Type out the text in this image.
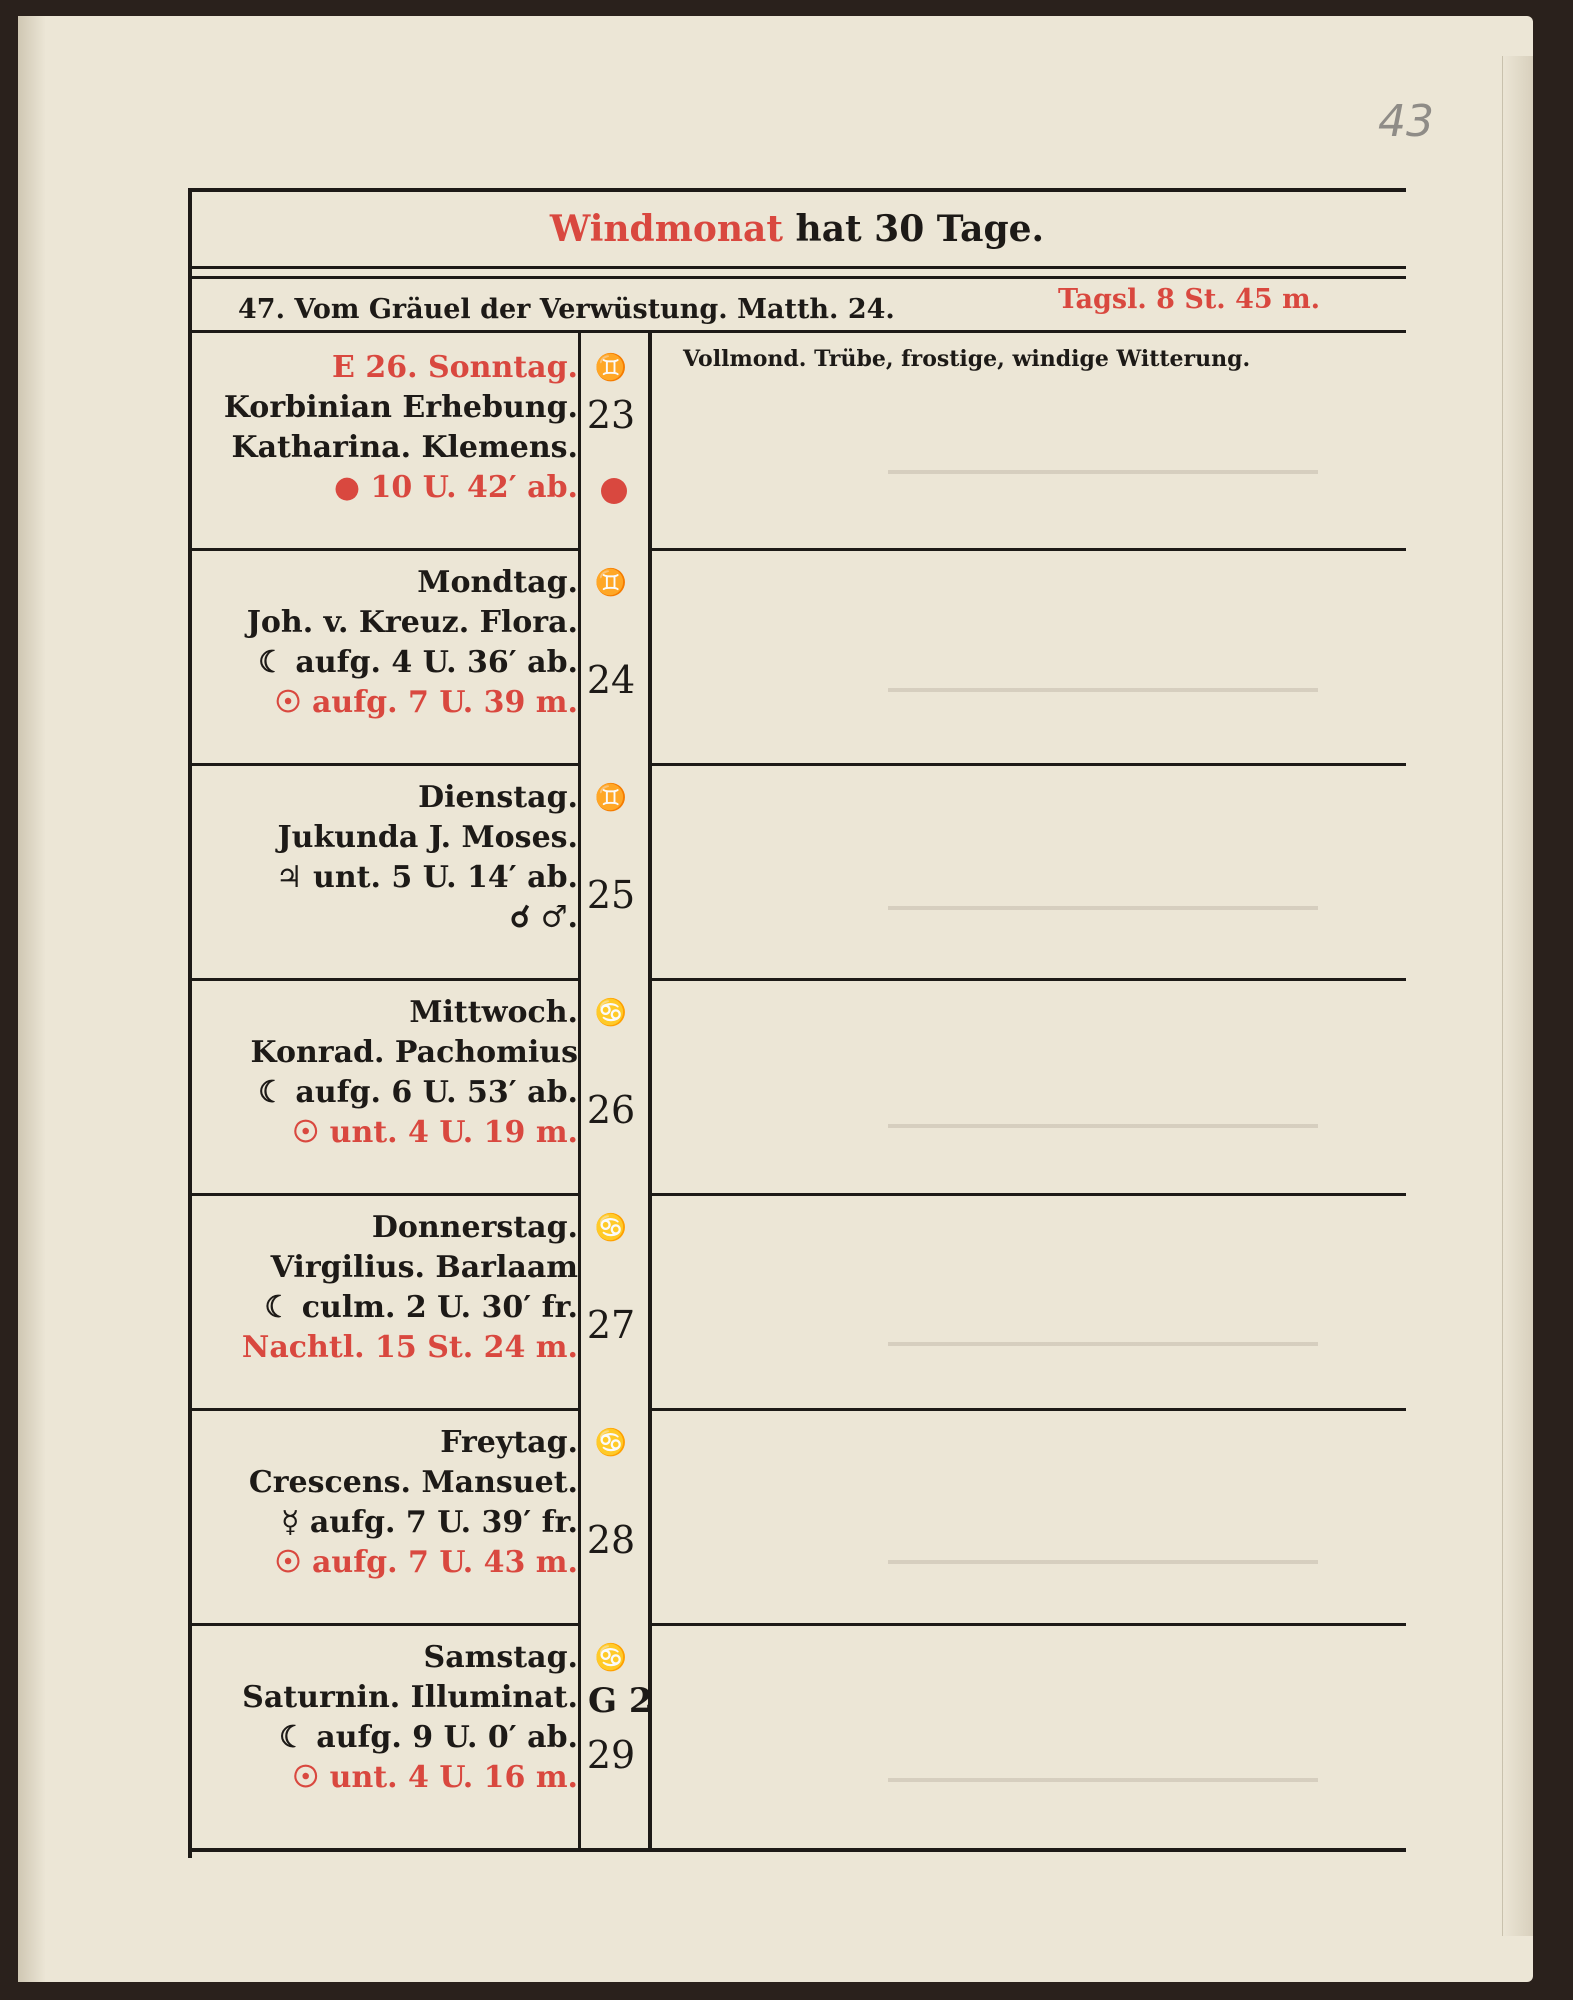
43
Windmonat hat 30 Tage.
47. Vom Gräuel der Verwüstung. Matth. 24.	Tagsl. 8 St. 45 m.
Vollmond. Trübe, frostige, windige Witterung.
E 26. Sonntag.
Korbinian Erhebung.
Katharina. Klemens.
● 10 U. 42′ ab.
♊
23
Mondtag.
Joh. v. Kreuz. Flora.
☾ aufg. 4 U. 36′ ab.
☉ aufg. 7 U. 39 m.
♊
24
Dienstag.
Jukunda J. Moses.
♃ unt. 5 U. 14′ ab.
☌ ♂.
♊
25
Mittwoch.
Konrad. Pachomius
☾ aufg. 6 U. 53′ ab.
☉ unt. 4 U. 19 m.
♋
26
Donnerstag.
Virgilius. Barlaam
☾ culm. 2 U. 30′ fr.
Nachtl. 15 St. 24 m.
♋
27
Freytag.
Crescens. Mansuet.
☿ aufg. 7 U. 39′ fr.
☉ aufg. 7 U. 43 m.
♋
28
Samstag.
Saturnin. Illuminat.
☾ aufg. 9 U. 0′ ab.
☉ unt. 4 U. 16 m.
♋
29
G 2
